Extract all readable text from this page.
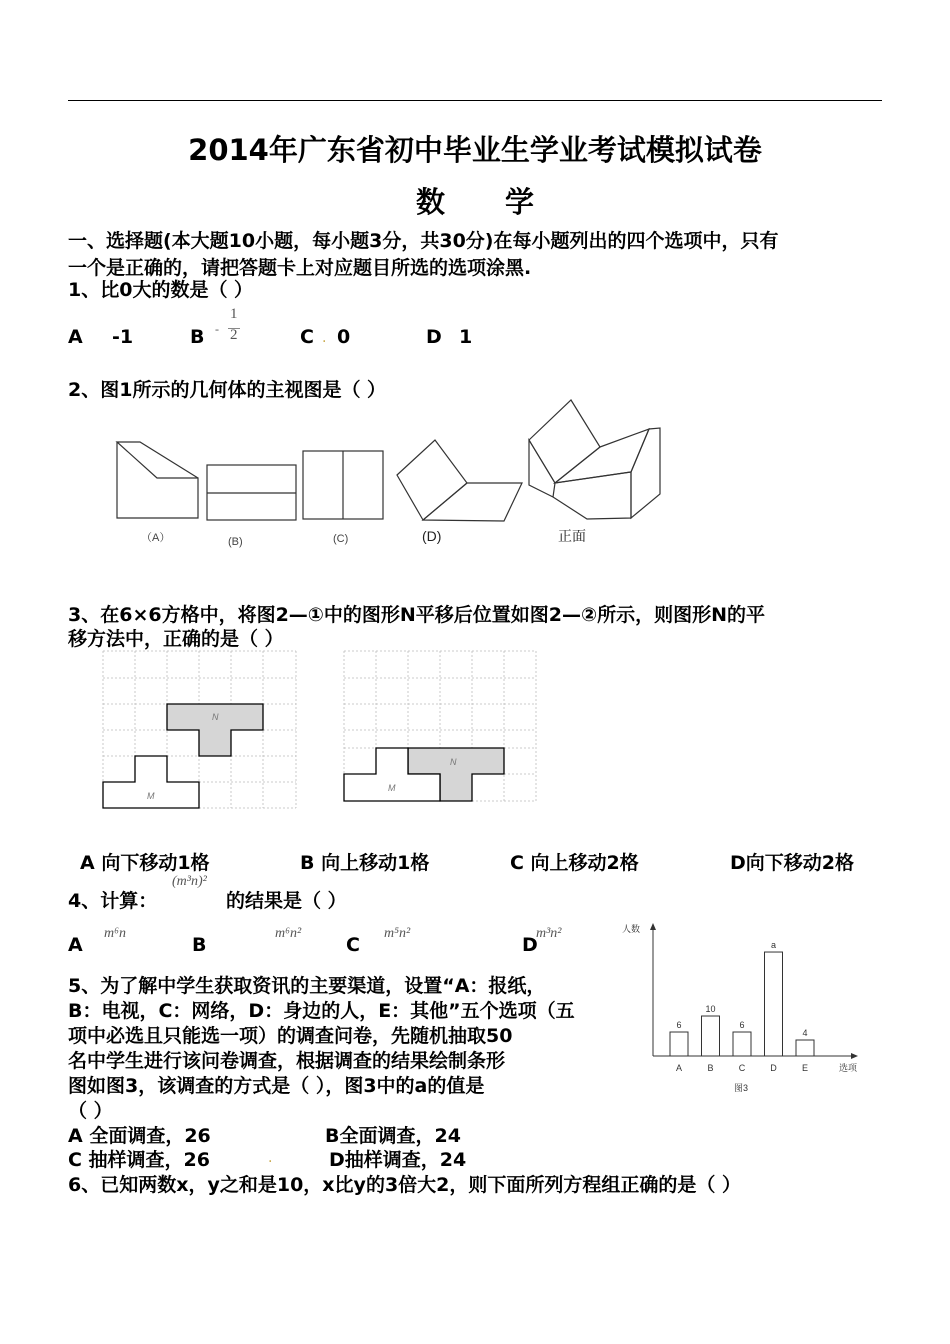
2014年广东省初中毕业生学业考试模拟试卷
数学
一、选择题(本大题10小题，每小题3分，共30分)在每小题列出的四个选项中，只有
一个是正确的，请把答题卡上对应题目所选的选项涂黑.
1、比0大的数是（ ）
A -1	B -
1
2	C . 0	D 1
2、图1所示的几何体的主视图是（ ）
（A）	(B)	(C)	(D)	正面
3、在6×6方格中，将图2—①中的图形N平移后位置如图2—②所示，则图形N的平
移方法中，正确的是（ ）
N
M
N
M
A 向下移动1格	B 向上移动1格	C 向上移动2格	D向下移动2格
4、计算：
(m³n)²
的结果是（ ）
A
m⁶n
B
m⁶n²
C
m⁵n²
D
m³n²
5、为了解中学生获取资讯的主要渠道，设置“A：报纸，
B：电视，C：网络，D：身边的人，E：其他”五个选项（五
项中必选且只能选一项）的调查问卷，先随机抽取50
名中学生进行该问卷调查，根据调查的结果绘制条形
图如图3，该调查的方式是（ ），图3中的a的值是
（ ）
A 全面调查，26	B全面调查，24
C 抽样调查，26	.	D抽样调查，24
人数
选项
图3
6
A
10
B
6
C
a
D
4
E
6、已知两数x，y之和是10，x比y的3倍大2，则下面所列方程组正确的是（ ）
